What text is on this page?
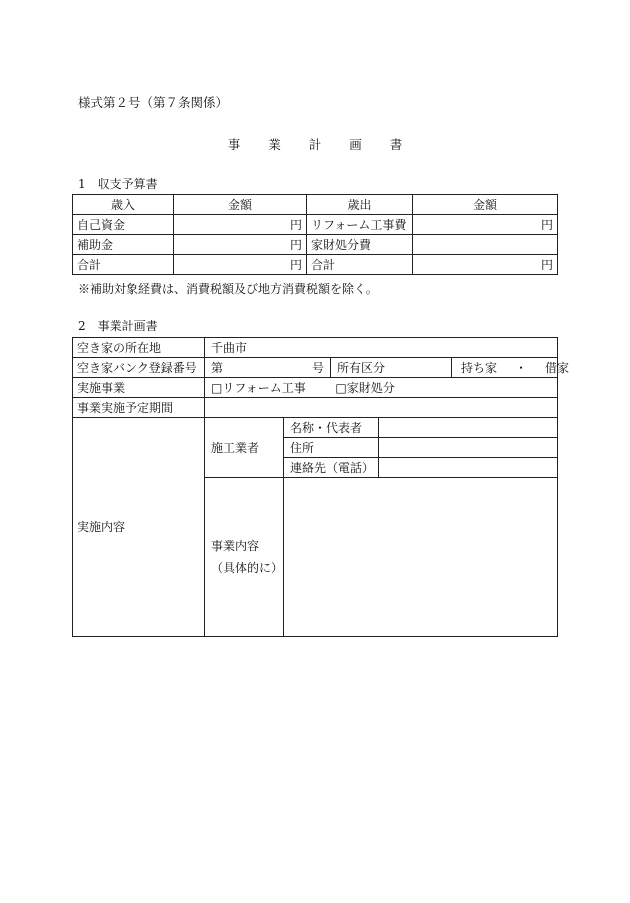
様式第２号（第７条関係）
事 業 計 画 書
1　収支予算書
歳入	金額	歳出	金額
自己資金	円	リフォーム工事費	円
補助金	円	家財処分費	
合計	円	合計	円
※補助対象経費は、消費税額及び地方消費税額を除く。
2　事業計画書
空き家の所在地	千曲市				
空き家バンク登録番号	第 号		所有区分		持ち家 ・ 借家
実施事業	□リフォーム工事 □家財処分				
事業実施予定期間					
実施内容	施工業者	名称・代表者			
		住所			
		連絡先（電話）			

	事業内容
（具体的に）				
